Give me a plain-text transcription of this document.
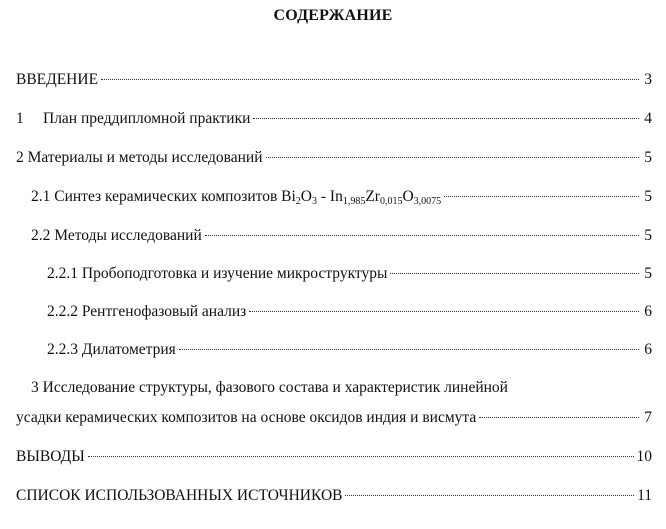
СОДЕРЖАНИЕ
ВВЕДЕНИЕ	3
1 План преддипломной практики	4
2 Материалы и методы исследований	5
2.1 Синтез керамических композитов $Bi_2O_3 - In_{1,985}Zr_{0,015}O_{3,0075}$	5
2.2 Методы исследований	5
2.2.1 Пробоподготовка и изучение микроструктуры	5
2.2.2 Рентгенофазовый анализ	6
2.2.3 Дилатометрия	6
3 Исследование структуры, фазового состава и характеристик линейной
усадки керамических композитов на основе оксидов индия и висмута	7
ВЫВОДЫ	10
СПИСОК ИСПОЛЬЗОВАННЫХ ИСТОЧНИКОВ	11
